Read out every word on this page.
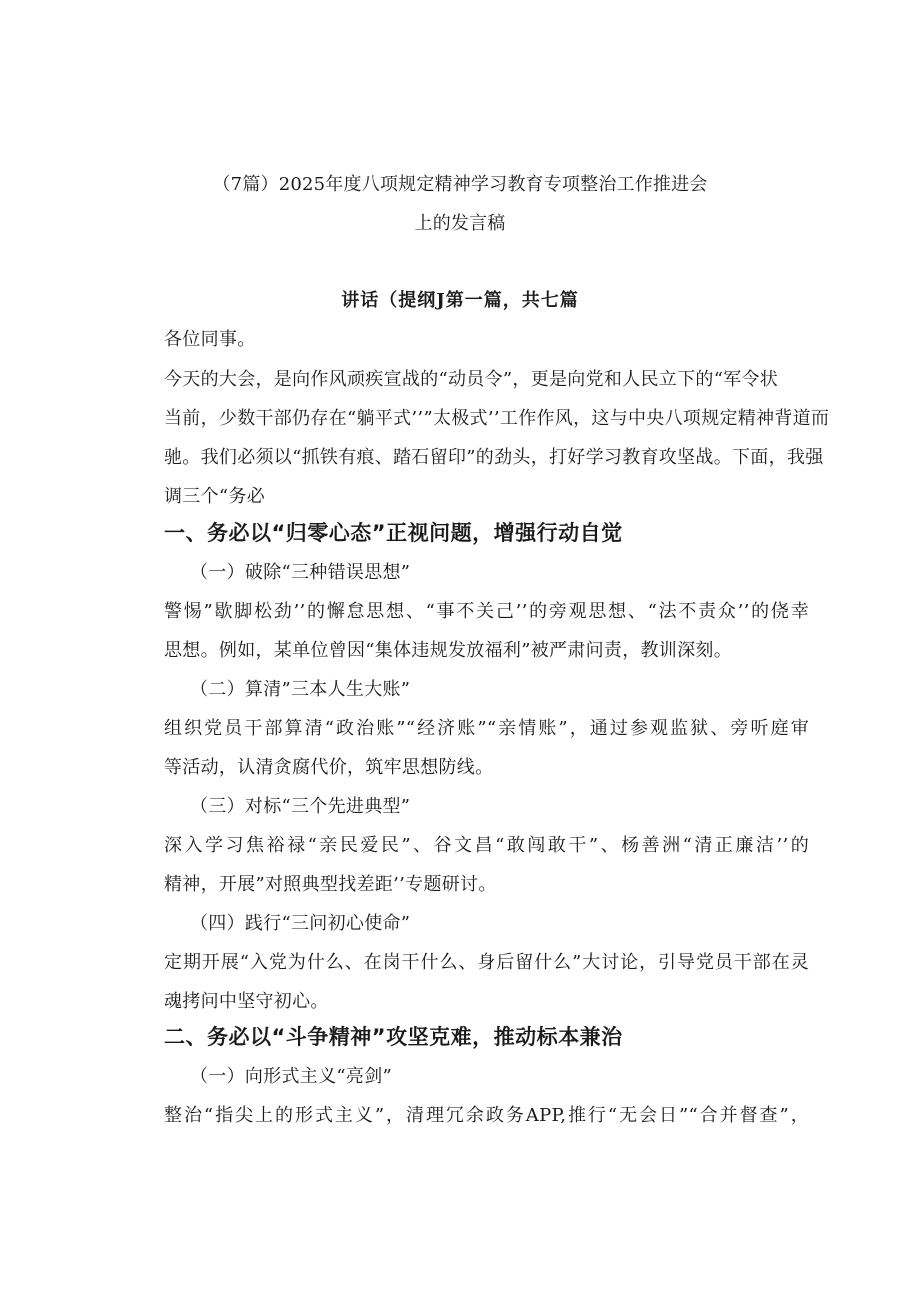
（7篇）2025年度八项规定精神学习教育专项整治工作推进会
上的发言稿
讲话（提纲J第一篇，共七篇
各位同事。
今天的大会，是向作风顽疾宣战的“动员令”，更是向党和人民立下的“军令状
当前，少数干部仍存在“躺平式’’”太极式’’工作作风，这与中央八项规定精神背道而
驰。我们必须以“抓铁有痕、踏石留印”的劲头，打好学习教育攻坚战。下面，我强
调三个“务必
一、务必以“归零心态”正视问题，增强行动自觉
（一）破除“三种错误思想”
警惕”歇脚松劲’’的懈怠思想、“事不关己’’的旁观思想、“法不责众’’的侥幸
思想。例如，某单位曾因“集体违规发放福利”被严肃问责，教训深刻。
（二）算清”三本人生大账”
组织党员干部算清“政治账”“经济账”“亲情账”，通过参观监狱、旁听庭审
等活动，认清贪腐代价，筑牢思想防线。
（三）对标“三个先进典型”
深入学习焦裕禄“亲民爱民”、谷文昌“敢闯敢干”、杨善洲“清正廉洁’’的
精神，开展”对照典型找差距’’专题研讨。
（四）践行“三问初心使命”
定期开展“入党为什么、在岗干什么、身后留什么”大讨论，引导党员干部在灵
魂拷问中坚守初心。
二、务必以“斗争精神”攻坚克难，推动标本兼治
（一）向形式主义“亮剑”
整治“指尖上的形式主义”，清理冗余政务APP,推行“无会日”“合并督查”，
